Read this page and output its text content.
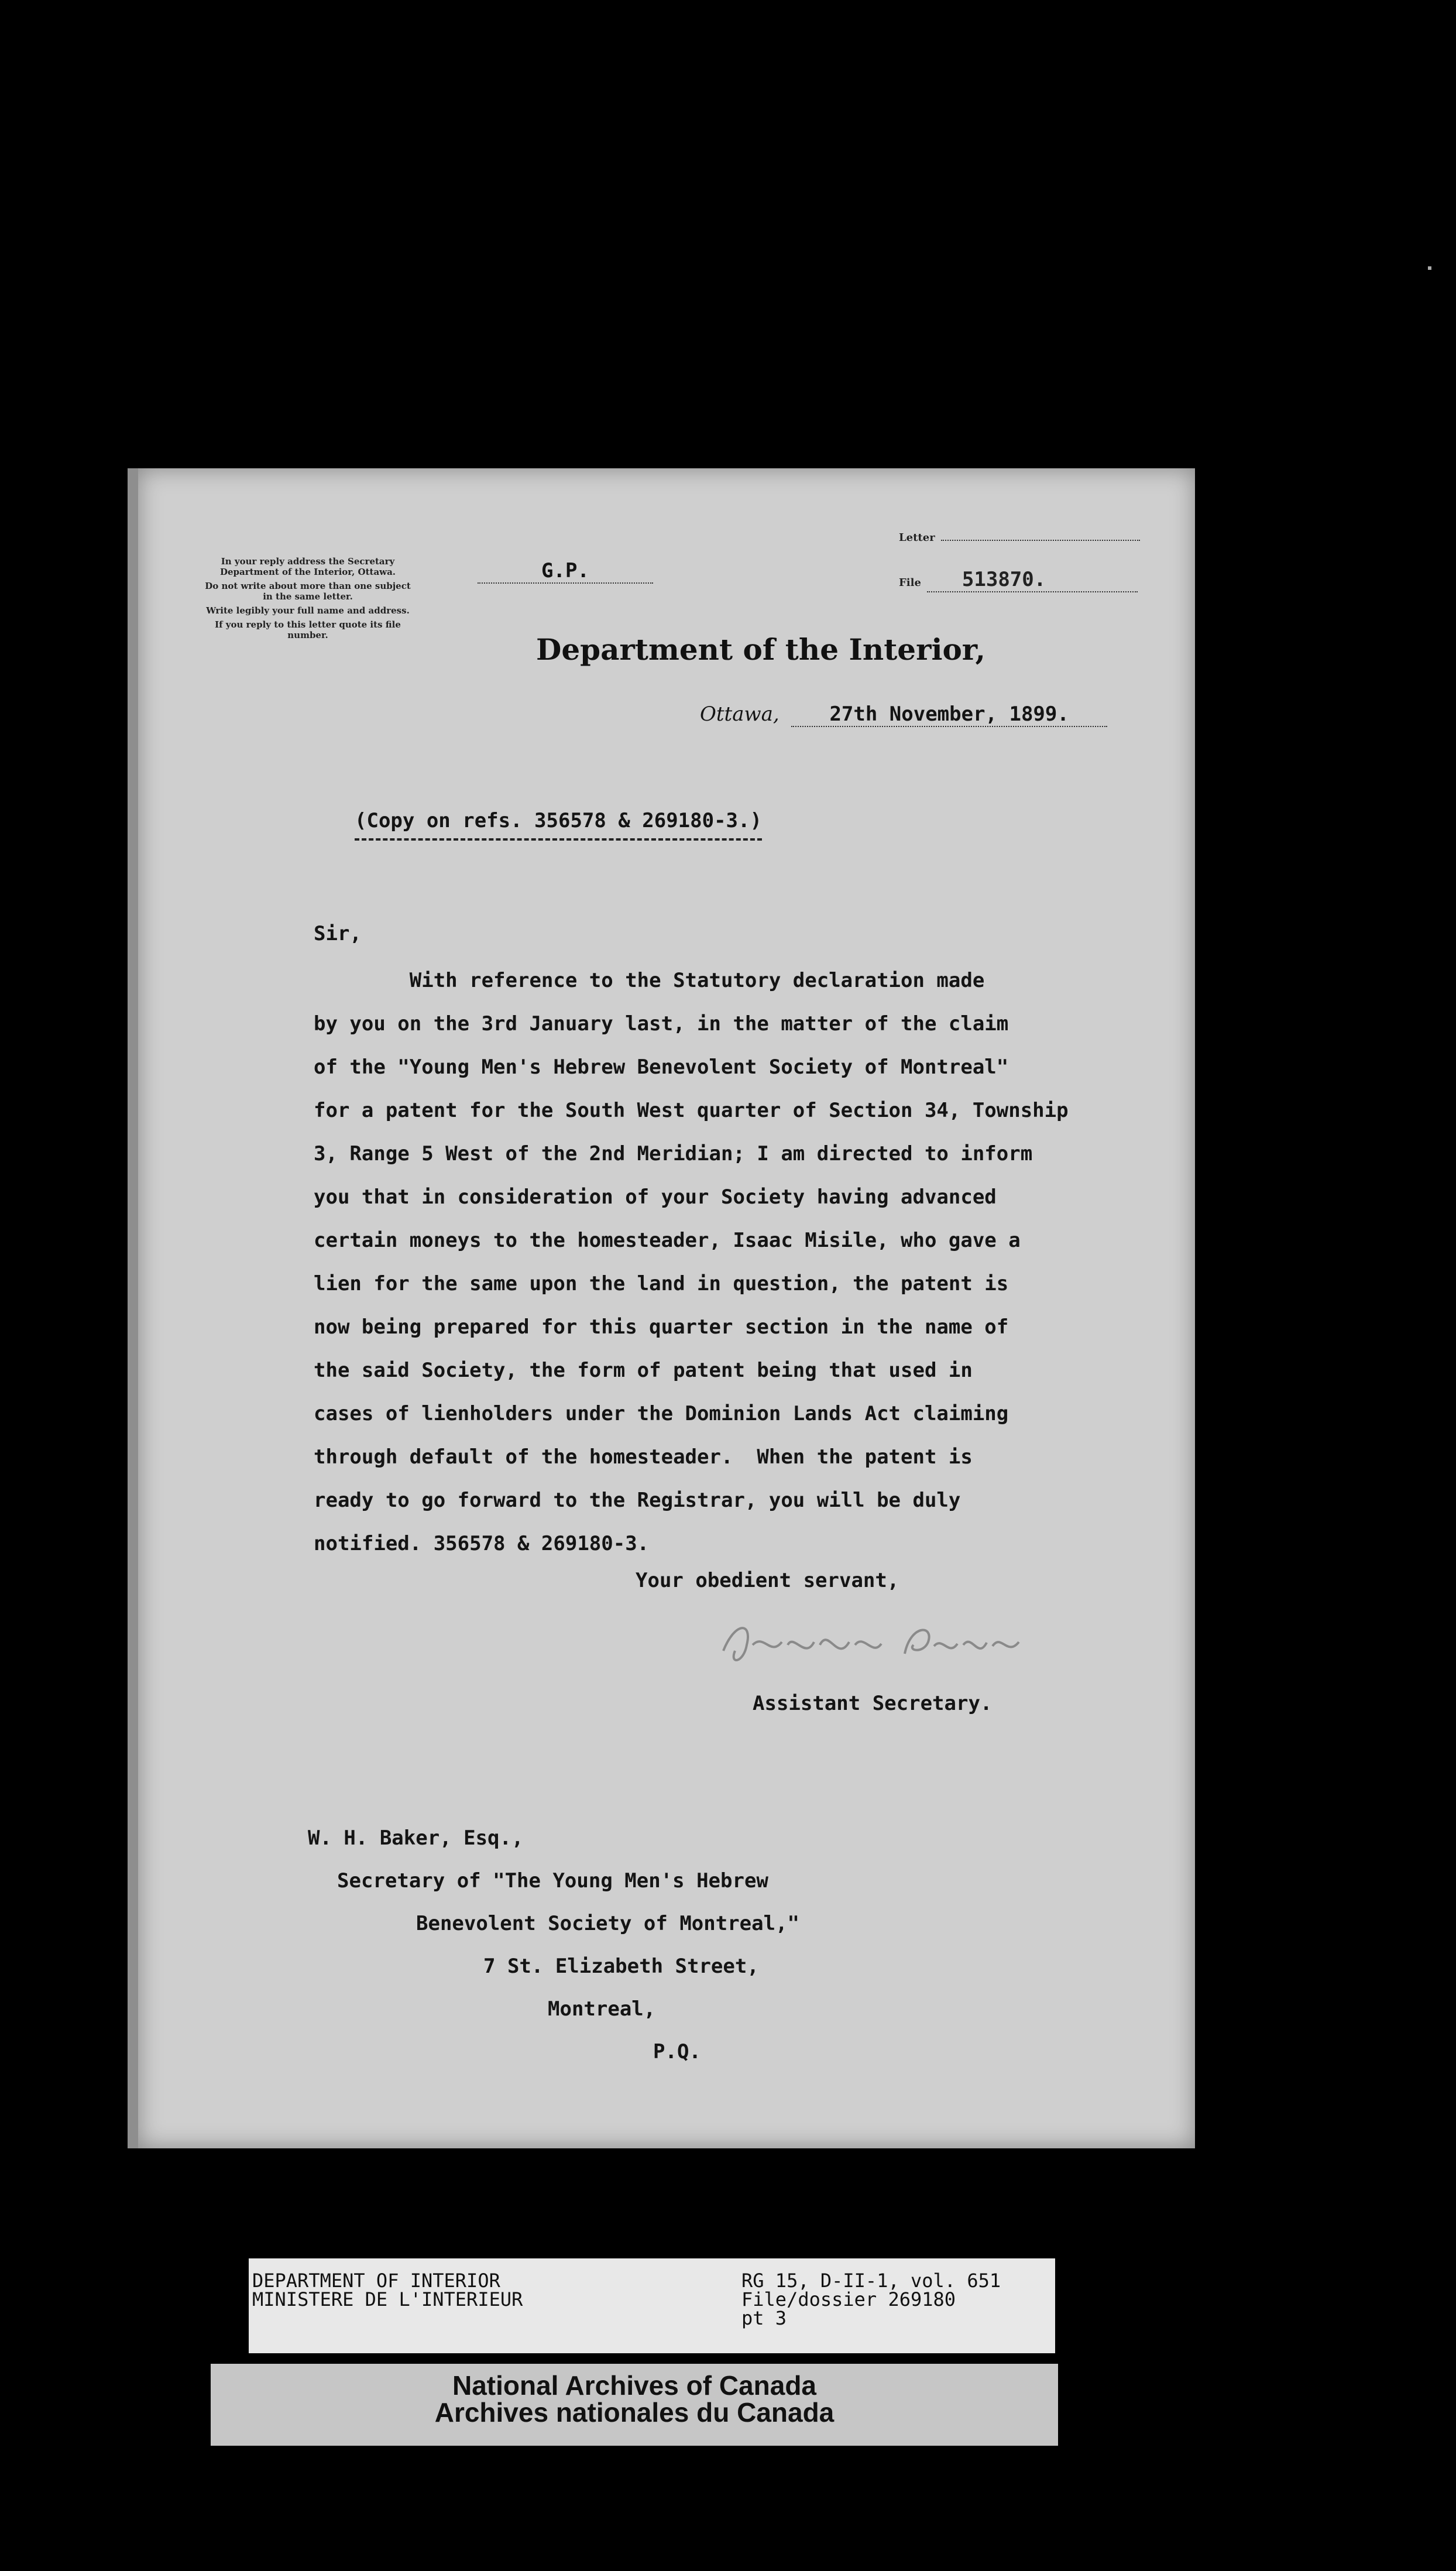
In your reply address the Secretary Department of the Interior, Ottawa.

Do not write about more than one subject in the same letter.

Write legibly your full name and address.

If you reply to this letter quote its file number.

G.P.
Letter
File 513870.
Department of the Interior,
Ottawa,	27th November, 1899.
(Copy on refs. 356578 & 269180-3.)
Sir,
With reference to the Statutory declaration made
by you on the 3rd January last, in the matter of the claim
of the "Young Men's Hebrew Benevolent Society of Montreal"
for a patent for the South West quarter of Section 34, Township
3, Range 5 West of the 2nd Meridian; I am directed to inform
you that in consideration of your Society having advanced
certain moneys to the homesteader, Isaac Misile, who gave a
lien for the same upon the land in question, the patent is
now being prepared for this quarter section in the name of
the said Society, the form of patent being that used in
cases of lienholders under the Dominion Lands Act claiming
through default of the homesteader.  When the patent is
ready to go forward to the Registrar, you will be duly
notified. 356578 & 269180-3.
Your obedient servant,
Assistant Secretary.
W. H. Baker, Esq.,
Secretary of "The Young Men's Hebrew
Benevolent Society of Montreal,"
7 St. Elizabeth Street,
Montreal,
P.Q.
DEPARTMENT OF INTERIOR
MINISTERE DE L'INTERIEUR
RG 15, D-II-1, vol. 651
File/dossier 269180
pt 3
National Archives of Canada
Archives nationales du Canada
